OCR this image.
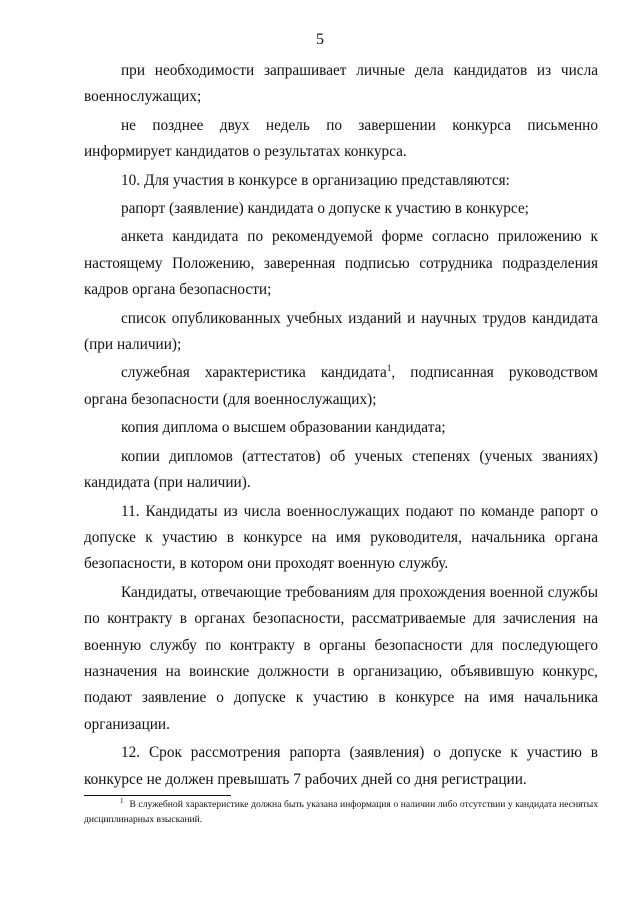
5

при необходимости запрашивает личные дела кандидатов из числа военнослужащих;

не позднее двух недель по завершении конкурса письменно информирует кандидатов о результатах конкурса.

10. Для участия в конкурсе в организацию представляются:

рапорт (заявление) кандидата о допуске к участию в конкурсе;

анкета кандидата по рекомендуемой форме согласно приложению к настоящему Положению, заверенная подписью сотрудника подразделения кадров органа безопасности;

список опубликованных учебных изданий и научных трудов кандидата (при наличии);

служебная характеристика кандидата$^1$, подписанная руководством органа безопасности (для военнослужащих);

копия диплома о высшем образовании кандидата;

копии дипломов (аттестатов) об ученых степенях (ученых званиях) кандидата (при наличии).

11. Кандидаты из числа военнослужащих подают по команде рапорт о допуске к участию в конкурсе на имя руководителя, начальника органа безопасности, в котором они проходят военную службу.

Кандидаты, отвечающие требованиям для прохождения военной службы по контракту в органах безопасности, рассматриваемые для зачисления на военную службу по контракту в органы безопасности для последующего назначения на воинские должности в организацию, объявившую конкурс, подают заявление о допуске к участию в конкурсе на имя начальника организации.

12. Срок рассмотрения рапорта (заявления) о допуске к участию в конкурсе не должен превышать 7 рабочих дней со дня регистрации.

$^1$ В служебной характеристике должна быть указана информация о наличии либо отсутствии у кандидата неснятых дисциплинарных взысканий.
